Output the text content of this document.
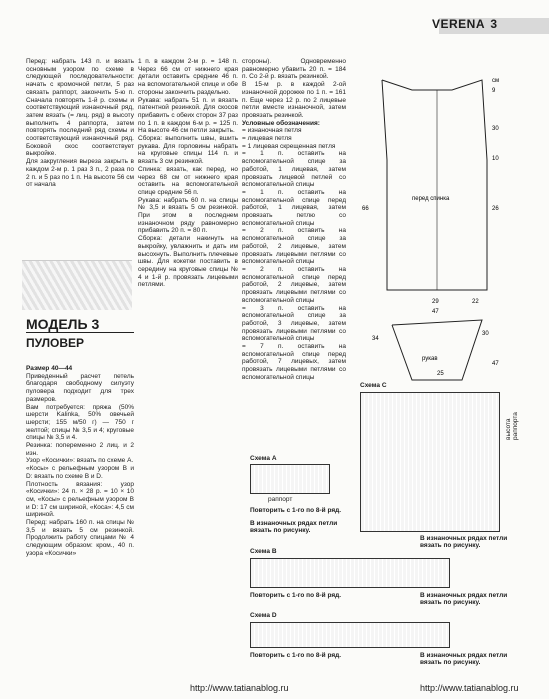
VERENA 3

Перед: набрать 143 п. и вязать основным узором по схеме в следующей последовательности: начать с кромочной петли, 5 раз связать раппорт, закончить 5-ю п. Сначала повторять 1-й р. схемы и соответствующий изнаночный ряд, затем вязать (= лиц. ряд) в высоту выполнить 4 раппорта, затем повторять последний ряд схемы и соответствующий изнаночный ряд. Боковой скос соответствует выкройке.

Для закругления выреза закрыть в каждом 2-м р. 1 раз 3 п., 2 раза по 2 п. и 5 раз по 1 п. На высоте 56 см от начала

МОДЕЛЬ 3
ПУЛОВЕР

Размер 40—44

Приведенный расчет петель благодаря свободному силуэту пуловера подходит для трех размеров.

Вам потребуется: пряжа (50% шерсти Kalinka, 50% овечьей шерсти; 155 м/50 г) — 750 г желтой; спицы № 3,5 и 4; круговые спицы № 3,5 и 4.

Резинка: попеременно 2 лиц. и 2 изн.

Узор «Косички»: вязать по схеме А.

«Косы» с рельефным узором В и D: вязать по схеме В и D.

Плотность вязания: узор «Косички»: 24 п. × 28 р. = 10 × 10 см, «Косы» с рельефным узором В и D: 17 см шириной, «Коса»: 4,5 см шириной.

Перед: набрать 160 п. на спицы № 3,5 и вязать 5 см резинкой. Продолжить работу спицами № 4 следующим образом: кром., 40 п. узора «Косички»

1 п. в каждом 2-м р. = 148 п. Через 66 см от нижнего края детали оставить средние 46 п. на вспомогательной спице и обе стороны закончить раздельно.

Рукава: набрать 51 п. и вязать патентной резинкой. Для скосов прибавить с обеих сторон 37 раз по 1 п. в каждом 6-м р. = 125 п. На высоте 46 см петли закрыть.

Сборка: выполнить швы, вшить рукава. Для горловины набрать на круговые спицы 114 п. и вязать 3 см резинкой.

Спинка: вязать, как перед, но через 68 см от нижнего края оставить на вспомогательной спице средние 56 п.

Рукава: набрать 60 п. на спицы № 3,5 и вязать 5 см резинкой. При этом в последнем изнаночном ряду равномерно прибавить 20 п. = 80 п.

Сборка: детали накинуть на выкройку, увлажнить и дать им высохнуть. Выполнить плечевые швы. Для кокетки поставить в середину на круговые спицы № 4 и 1-й р. провязать лицевыми петлями.

стороны). Одновременно равномерно убавить 20 п. = 184 п. Со 2-й р. вязать резинкой.

В 15-м р. в каждой 2-ой изнаночной дорожке по 1 п. = 161 п. Еще через 12 р. по 2 лицевые петли вместе изнаночной, затем провязать резинкой.

Условные обозначения:

= изнаночная петля

= лицевая петля

= 1 лицевая скрещенная петля

= 1 п. оставить на вспомогательной спице за работой, 1 лицевая, затем провязать лицевой петлей со вспомогательной спицы

= 1 п. оставить на вспомогательной спице перед работой, 1 лицевая, затем провязать петлю со вспомогательной спицы

= 2 п. оставить на вспомогательной спице за работой, 2 лицевые, затем провязать лицевыми петлями со вспомогательной спицы

= 2 п. оставить на вспомогательной спице перед работой, 2 лицевые, затем провязать лицевыми петлями со вспомогательной спицы

= 3 п. оставить на вспомогательной спице за работой, 3 лицевые, затем провязать лицевыми петлями со вспомогательной спицы

= 7 п. оставить на вспомогательной спице перед работой, 7 лицевых, затем провязать лицевыми петлями со вспомогательной спицы

перед спинка
рукав
см
9
30
10
66	26
29
47
22
30
34
25
47
Схема А
раппорт
Повторить с 1-го по 8-й ряд.
В изнаночных рядах петли вязать по рисунку.
Схема С
высота раппорта
В изнаночных рядах петли вязать по рисунку.
Схема В
Повторить с 1-го по 8-й ряд.	В изнаночных рядах петли вязать по рисунку.
Схема D
Повторить с 1-го по 8-й ряд.	В изнаночных рядах петли вязать по рисунку.
http://www.tatianablog.ru	http://www.tatianablog.ru
